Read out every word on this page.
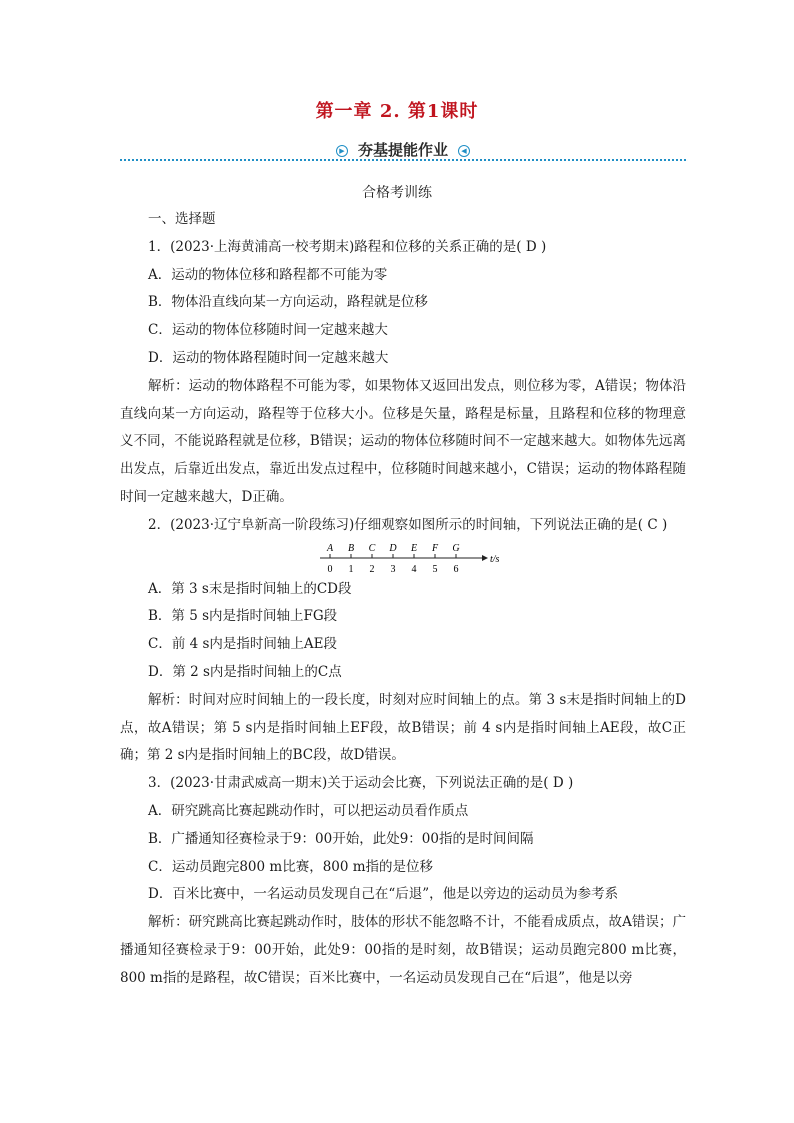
第一章 2. 第1课时
▶ 夯基提能作业 ◀
合格考训练

一、选择题

1．(2023·上海黄浦高一校考期末)路程和位移的关系正确的是( D )

A．运动的物体位移和路程都不可能为零

B．物体沿直线向某一方向运动，路程就是位移

C．运动的物体位移随时间一定越来越大

D．运动的物体路程随时间一定越来越大

解析：运动的物体路程不可能为零，如果物体又返回出发点，则位移为零，A错误；物体沿直线向某一方向运动，路程等于位移大小。位移是矢量，路程是标量，且路程和位移的物理意义不同，不能说路程就是位移，B错误；运动的物体位移随时间不一定越来越大。如物体先远离出发点，后靠近出发点，靠近出发点过程中，位移随时间越来越小，C错误；运动的物体路程随时间一定越来越大，D正确。

2．(2023·辽宁阜新高一阶段练习)仔细观察如图所示的时间轴，下列说法正确的是( C )

t/s
A
0
B
1
C
2
D
3
E
4
F
5
G
6

A．第 3 s末是指时间轴上的CD段

B．第 5 s内是指时间轴上FG段

C．前 4 s内是指时间轴上AE段

D．第 2 s内是指时间轴上的C点

解析：时间对应时间轴上的一段长度，时刻对应时间轴上的点。第 3 s末是指时间轴上的D点，故A错误；第 5 s内是指时间轴上EF段，故B错误；前 4 s内是指时间轴上AE段，故C正确；第 2 s内是指时间轴上的BC段，故D错误。

3．(2023·甘肃武威高一期末)关于运动会比赛，下列说法正确的是( D )

A．研究跳高比赛起跳动作时，可以把运动员看作质点

B．广播通知径赛检录于9：00开始，此处9：00指的是时间间隔

C．运动员跑完800 m比赛，800 m指的是位移

D．百米比赛中，一名运动员发现自己在“后退”，他是以旁边的运动员为参考系

解析：研究跳高比赛起跳动作时，肢体的形状不能忽略不计，不能看成质点，故A错误；广播通知径赛检录于9：00开始，此处9：00指的是时刻，故B错误；运动员跑完800 m比赛，800 m指的是路程，故C错误；百米比赛中，一名运动员发现自己在“后退”，他是以旁
